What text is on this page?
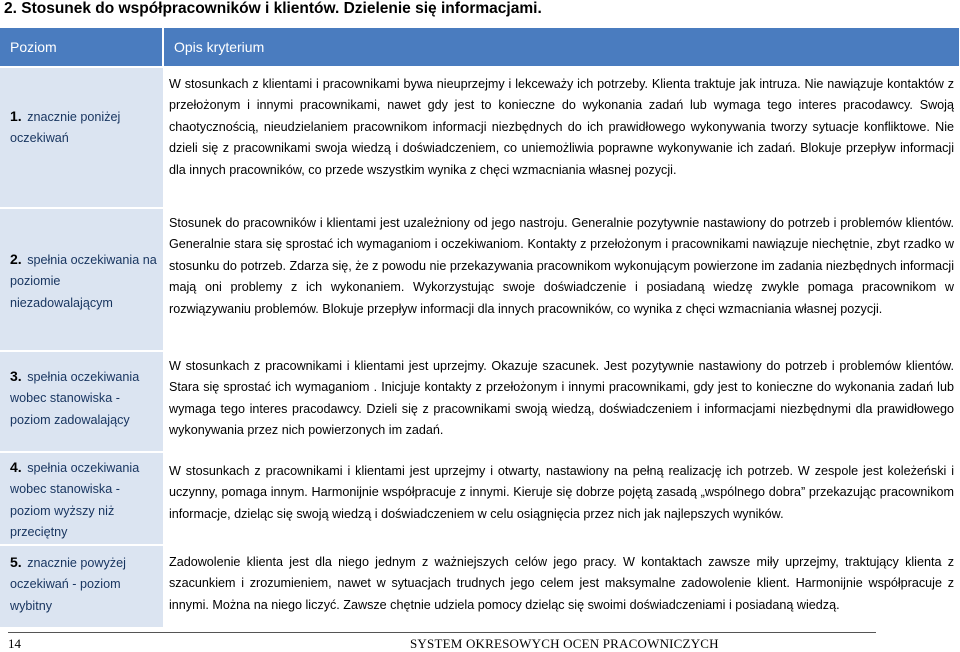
2. Stosunek do współpracowników i klientów. Dzielenie się informacjami.
Poziom	Opis kryterium
1. znacznie poniżej oczekiwań	W stosunkach z klientami i pracownikami bywa nieuprzejmy i lekceważy ich potrzeby. Klienta traktuje jak intruza. Nie nawiązuje kontaktów z przełożonym i innymi pracownikami, nawet gdy jest to konieczne do wykonania zadań lub wymaga tego interes pracodawcy. Swoją chaotycznością, nieudzielaniem pracownikom informacji niezbędnych do ich prawidłowego wykonywania tworzy sytuacje konfliktowe. Nie dzieli się z pracownikami swoja wiedzą i doświadczeniem, co uniemożliwia poprawne wykonywanie ich zadań. Blokuje przepływ informacji dla innych pracowników, co przede wszystkim wynika z chęci wzmacniania własnej pozycji.
2. spełnia oczekiwania na poziomie niezadowalającym	Stosunek do pracowników i klientami jest uzależniony od jego nastroju. Generalnie pozytywnie nastawiony do potrzeb i problemów klientów. Generalnie stara się sprostać ich wymaganiom i oczekiwaniom. Kontakty z przełożonym i pracownikami nawiązuje niechętnie, zbyt rzadko w stosunku do potrzeb. Zdarza się, że z powodu nie przekazywania pracownikom wykonującym powierzone im zadania niezbędnych informacji mają oni problemy z ich wykonaniem. Wykorzystując swoje doświadczenie i posiadaną wiedzę zwykle pomaga pracownikom w rozwiązywaniu problemów. Blokuje przepływ informacji dla innych pracowników, co wynika z chęci wzmacniania własnej pozycji.
3. spełnia oczekiwania wobec stanowiska - poziom zadowalający	W stosunkach z pracownikami i klientami jest uprzejmy. Okazuje szacunek. Jest pozytywnie nastawiony do potrzeb i problemów klientów. Stara się sprostać ich wymaganiom . Inicjuje kontakty z przełożonym i innymi pracownikami, gdy jest to konieczne do wykonania zadań lub wymaga tego interes pracodawcy. Dzieli się z pracownikami swoją wiedzą, doświadczeniem i informacjami niezbędnymi dla prawidłowego wykonywania przez nich powierzonych im zadań.
4. spełnia oczekiwania wobec stanowiska - poziom wyższy niż przeciętny	W stosunkach z pracownikami i klientami jest uprzejmy i otwarty, nastawiony na pełną realizację ich potrzeb. W zespole jest koleżeński i uczynny, pomaga innym. Harmonijnie współpracuje z innymi. Kieruje się dobrze pojętą zasadą „wspólnego dobra” przekazując pracownikom informacje, dzieląc się swoją wiedzą i doświadczeniem w celu osiągnięcia przez nich jak najlepszych wyników.
5. znacznie powyżej oczekiwań - poziom wybitny	Zadowolenie klienta jest dla niego jednym z ważniejszych celów jego pracy. W kontaktach zawsze miły uprzejmy, traktujący klienta z szacunkiem i zrozumieniem, nawet w sytuacjach trudnych jego celem jest maksymalne zadowolenie klient. Harmonijnie współpracuje z innymi. Można na niego liczyć. Zawsze chętnie udziela pomocy dzieląc się swoimi doświadczeniami i posiadaną wiedzą.
14	SYSTEM OKRESOWYCH OCEN PRACOWNICZYCH
